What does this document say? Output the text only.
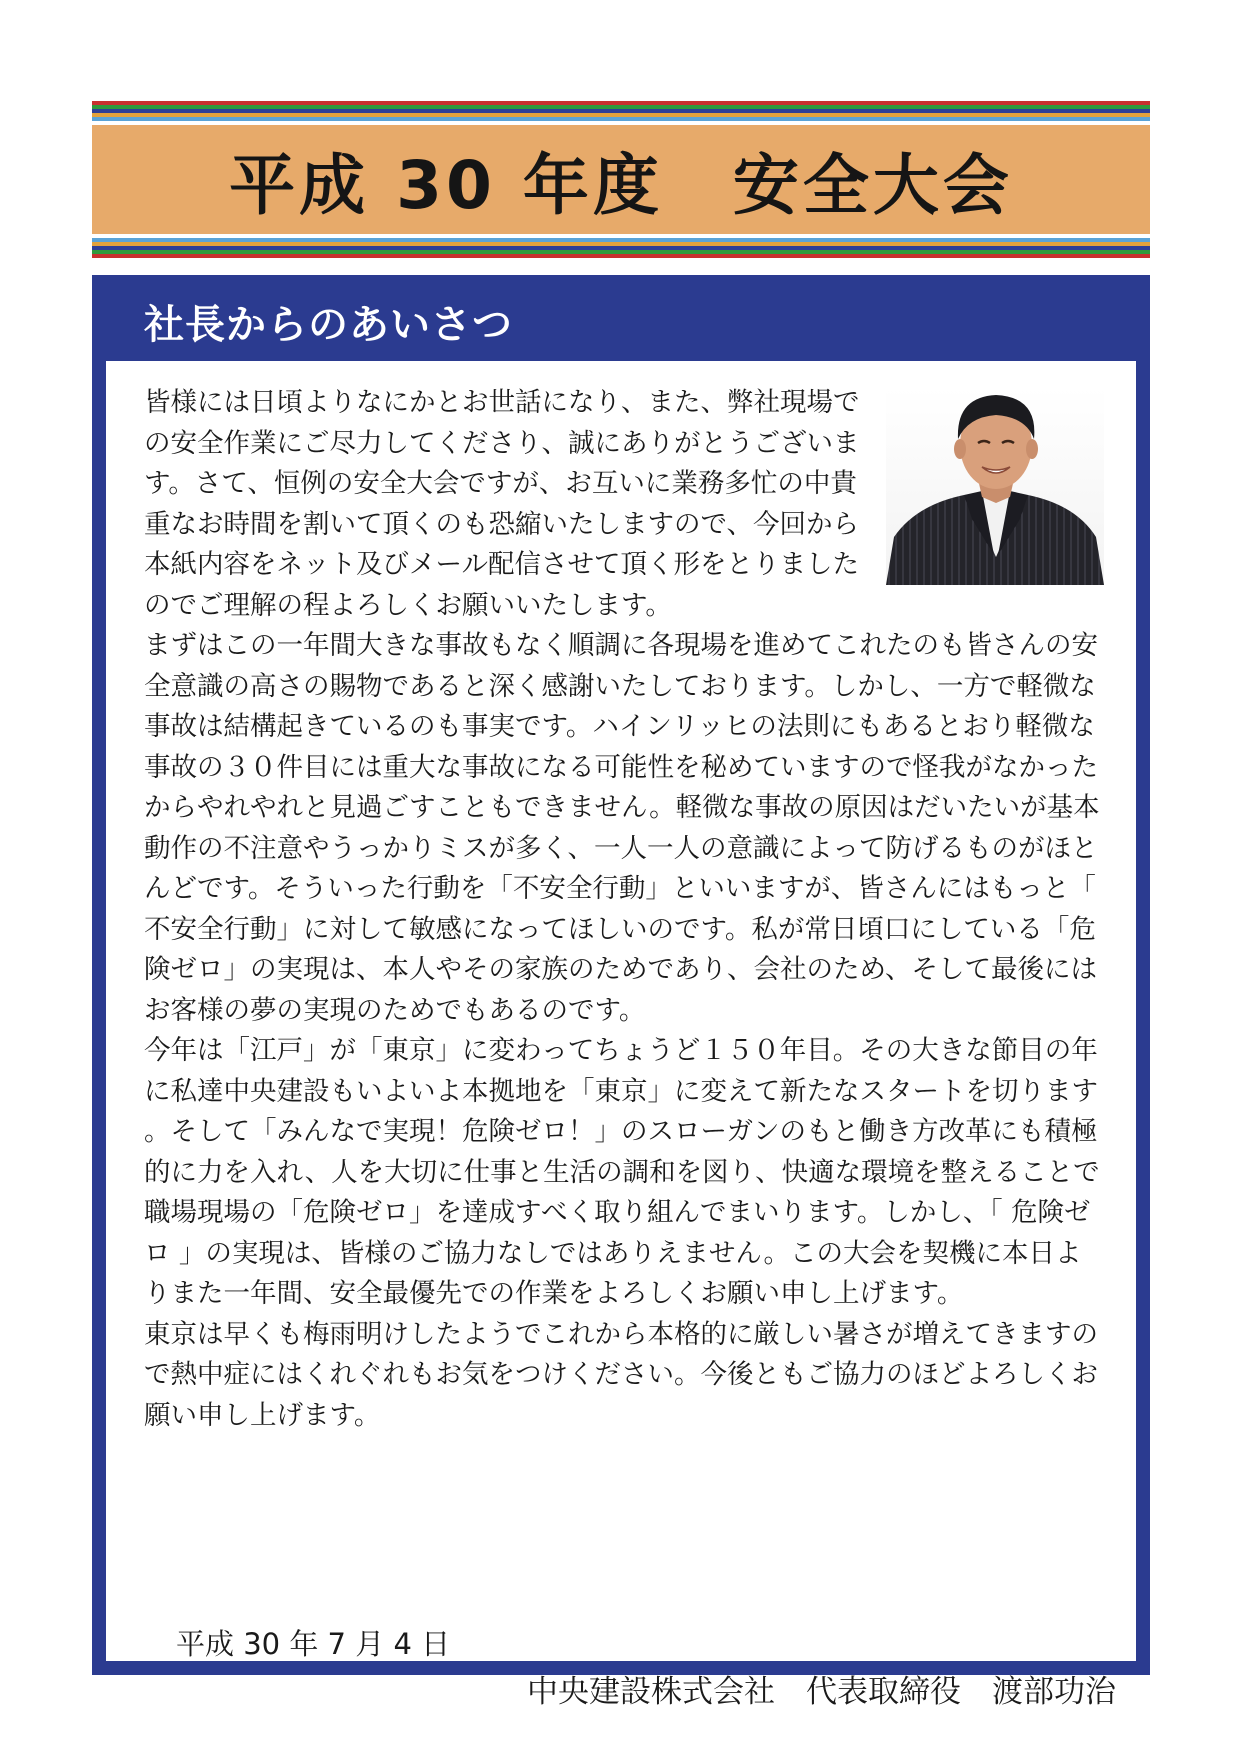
平成 30 年度　安全大会
社長からのあいさつ

皆様には日頃よりなにかとお世話になり、また、弊社現場での安全作業にご尽力してくださり、誠にありがとうございます。さて、恒例の安全大会ですが、お互いに業務多忙の中貴重なお時間を割いて頂くのも恐縮いたしますので、今回から本紙内容をネット及びメール配信させて頂く形をとりましたのでご理解の程よろしくお願いいたします。

まずはこの一年間大きな事故もなく順調に各現場を進めてこれたのも皆さんの安全意識の高さの賜物であると深く感謝いたしております。しかし、一方で軽微な事故は結構起きているのも事実です。ハインリッヒの法則にもあるとおり軽微な事故の３０件目には重大な事故になる可能性を秘めていますので怪我がなかったからやれやれと見過ごすこともできません。軽微な事故の原因はだいたいが基本動作の不注意やうっかりミスが多く、一人一人の意識によって防げるものがほとんどです。そういった行動を「不安全行動」といいますが、皆さんにはもっと「不安全行動」に対して敏感になってほしいのです。私が常日頃口にしている「危険ゼロ」の実現は、本人やその家族のためであり、会社のため、そして最後にはお客様の夢の実現のためでもあるのです。

今年は「江戸」が「東京」に変わってちょうど１５０年目。その大きな節目の年に私達中央建設もいよいよ本拠地を「東京」に変えて新たなスタートを切ります。そして「みんなで実現！危険ゼロ！」のスローガンのもと働き方改革にも積極的に力を入れ、人を大切に仕事と生活の調和を図り、快適な環境を整えることで職場現場の「危険ゼロ」を達成すべく取り組んでまいります。しかし、「 危険ゼロ 」の実現は、皆様のご協力なしではありえません。この大会を契機に本日よりまた一年間、安全最優先での作業をよろしくお願い申し上げます。

東京は早くも梅雨明けしたようでこれから本格的に厳しい暑さが増えてきますので熱中症にはくれぐれもお気をつけください。今後ともご協力のほどよろしくお願い申し上げます。

平成 30 年 7 月 4 日
中央建設株式会社　代表取締役　渡部功治
